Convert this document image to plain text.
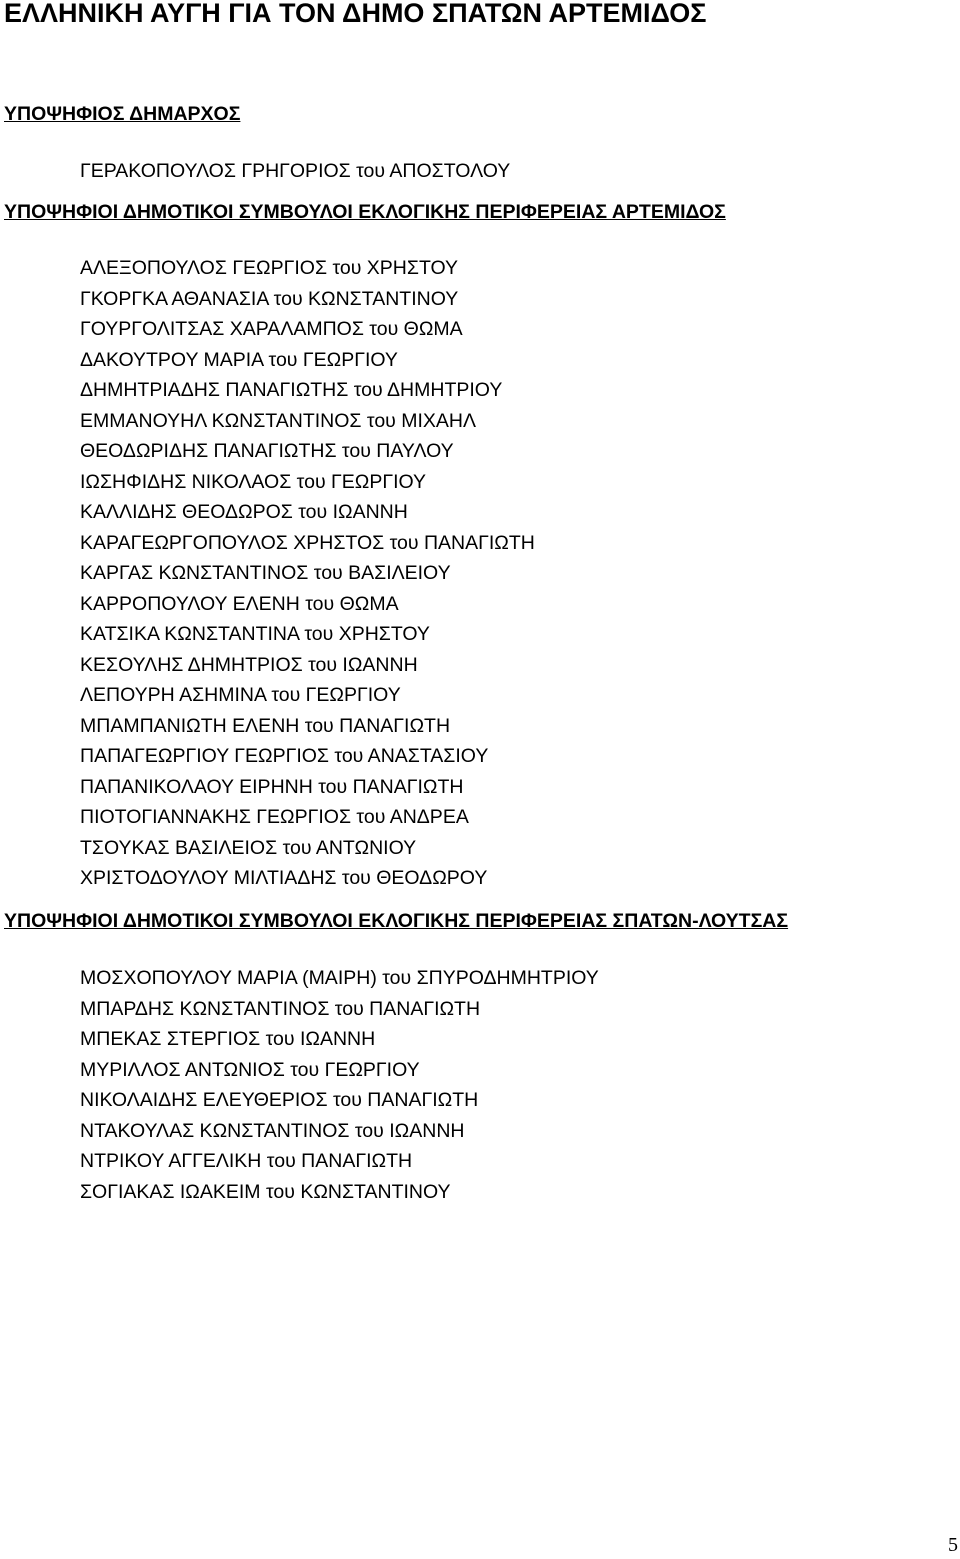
ΕΛΛΗΝΙΚΗ ΑΥΓΗ ΓΙΑ ΤΟΝ ΔΗΜΟ ΣΠΑΤΩΝ ΑΡΤΕΜΙΔΟΣ
ΥΠΟΨΗΦΙΟΣ ΔΗΜΑΡΧΟΣ
ΓΕΡΑΚΟΠΟΥΛΟΣ ΓΡΗΓΟΡΙΟΣ του ΑΠΟΣΤΟΛΟΥ
ΥΠΟΨΗΦΙΟΙ ΔΗΜΟΤΙΚΟΙ ΣΥΜΒΟΥΛΟΙ ΕΚΛΟΓΙΚΗΣ ΠΕΡΙΦΕΡΕΙΑΣ ΑΡΤΕΜΙΔΟΣ
ΑΛΕΞΟΠΟΥΛΟΣ ΓΕΩΡΓΙΟΣ του ΧΡΗΣΤΟΥ
ΓΚΟΡΓΚΑ ΑΘΑΝΑΣΙΑ του ΚΩΝΣΤΑΝΤΙΝΟΥ
ΓΟΥΡΓΟΛΙΤΣΑΣ ΧΑΡΑΛΑΜΠΟΣ του ΘΩΜΑ
ΔΑΚΟΥΤΡΟΥ ΜΑΡΙΑ του ΓΕΩΡΓΙΟΥ
ΔΗΜΗΤΡΙΑΔΗΣ ΠΑΝΑΓΙΩΤΗΣ του ΔΗΜΗΤΡΙΟΥ
ΕΜΜΑΝΟΥΗΛ ΚΩΝΣΤΑΝΤΙΝΟΣ του ΜΙΧΑΗΛ
ΘΕΟΔΩΡΙΔΗΣ ΠΑΝΑΓΙΩΤΗΣ του ΠΑΥΛΟΥ
ΙΩΣΗΦΙΔΗΣ ΝΙΚΟΛΑΟΣ του ΓΕΩΡΓΙΟΥ
ΚΑΛΛΙΔΗΣ ΘΕΟΔΩΡΟΣ του ΙΩΑΝΝΗ
ΚΑΡΑΓΕΩΡΓΟΠΟΥΛΟΣ ΧΡΗΣΤΟΣ του ΠΑΝΑΓΙΩΤΗ
ΚΑΡΓΑΣ ΚΩΝΣΤΑΝΤΙΝΟΣ του ΒΑΣΙΛΕΙΟΥ
ΚΑΡΡΟΠΟΥΛΟΥ ΕΛΕΝΗ του ΘΩΜΑ
ΚΑΤΣΙΚΑ ΚΩΝΣΤΑΝΤΙΝΑ του ΧΡΗΣΤΟΥ
ΚΕΣΟΥΛΗΣ ΔΗΜΗΤΡΙΟΣ του ΙΩΑΝΝΗ
ΛΕΠΟΥΡΗ ΑΣΗΜΙΝΑ του ΓΕΩΡΓΙΟΥ
ΜΠΑΜΠΑΝΙΩΤΗ ΕΛΕΝΗ του ΠΑΝΑΓΙΩΤΗ
ΠΑΠΑΓΕΩΡΓΙΟΥ ΓΕΩΡΓΙΟΣ του ΑΝΑΣΤΑΣΙΟΥ
ΠΑΠΑΝΙΚΟΛΑΟΥ ΕΙΡΗΝΗ του ΠΑΝΑΓΙΩΤΗ
ΠΙΟΤΟΓΙΑΝΝΑΚΗΣ ΓΕΩΡΓΙΟΣ του ΑΝΔΡΕΑ
ΤΣΟΥΚΑΣ ΒΑΣΙΛΕΙΟΣ του ΑΝΤΩΝΙΟΥ
ΧΡΙΣΤΟΔΟΥΛΟΥ ΜΙΛΤΙΑΔΗΣ του ΘΕΟΔΩΡΟΥ
ΥΠΟΨΗΦΙΟΙ ΔΗΜΟΤΙΚΟΙ ΣΥΜΒΟΥΛΟΙ ΕΚΛΟΓΙΚΗΣ ΠΕΡΙΦΕΡΕΙΑΣ ΣΠΑΤΩΝ-ΛΟΥΤΣΑΣ
ΜΟΣΧΟΠΟΥΛΟΥ ΜΑΡΙΑ (ΜΑΙΡΗ) του ΣΠΥΡΟΔΗΜΗΤΡΙΟΥ
ΜΠΑΡΔΗΣ ΚΩΝΣΤΑΝΤΙΝΟΣ του ΠΑΝΑΓΙΩΤΗ
ΜΠΕΚΑΣ ΣΤΕΡΓΙΟΣ του ΙΩΑΝΝΗ
ΜΥΡΙΛΛΟΣ ΑΝΤΩΝΙΟΣ του ΓΕΩΡΓΙΟΥ
ΝΙΚΟΛΑΙΔΗΣ ΕΛΕΥΘΕΡΙΟΣ του ΠΑΝΑΓΙΩΤΗ
ΝΤΑΚΟΥΛΑΣ ΚΩΝΣΤΑΝΤΙΝΟΣ του ΙΩΑΝΝΗ
ΝΤΡΙΚΟΥ ΑΓΓΕΛΙΚΗ του ΠΑΝΑΓΙΩΤΗ
ΣΟΓΙΑΚΑΣ ΙΩΑΚΕΙΜ του ΚΩΝΣΤΑΝΤΙΝΟΥ
5
